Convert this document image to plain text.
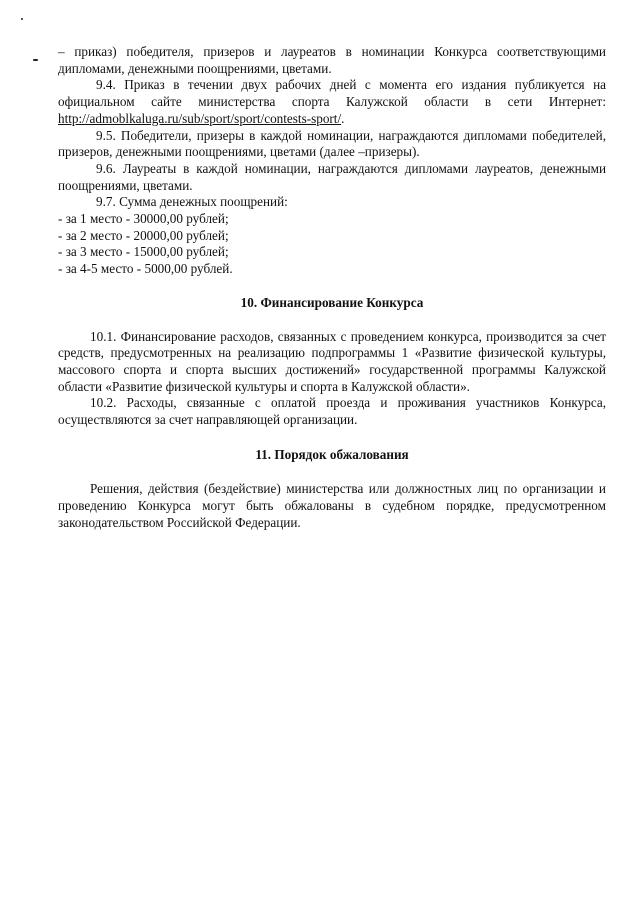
– приказ) победителя, призеров и лауреатов в номинации Конкурса соответствующими дипломами, денежными поощрениями, цветами.

9.4. Приказ в течении двух рабочих дней с момента его издания публикуется на официальном сайте министерства спорта Калужской области в сети Интернет: http://admoblkaluga.ru/sub/sport/sport/contests-sport/.

9.5. Победители, призеры в каждой номинации, награждаются дипломами победителей, призеров, денежными поощрениями, цветами (далее –призеры).

9.6. Лауреаты в каждой номинации, награждаются дипломами лауреатов, денежными поощрениями, цветами.

9.7. Сумма денежных поощрений:

- за 1 место - 30000,00 рублей;

- за 2 место - 20000,00 рублей;

- за 3 место - 15000,00 рублей;

- за 4-5 место - 5000,00 рублей.

10. Финансирование Конкурса

10.1. Финансирование расходов, связанных с проведением конкурса, производится за счет средств, предусмотренных на реализацию подпрограммы 1 «Развитие физической культуры, массового спорта и спорта высших достижений» государственной программы Калужской области «Развитие физической культуры и спорта в Калужской области».

10.2. Расходы, связанные с оплатой проезда и проживания участников Конкурса, осуществляются за счет направляющей организации.

11. Порядок обжалования

Решения, действия (бездействие) министерства или должностных лиц по организации и проведению Конкурса могут быть обжалованы в судебном порядке, предусмотренном законодательством Российской Федерации.
